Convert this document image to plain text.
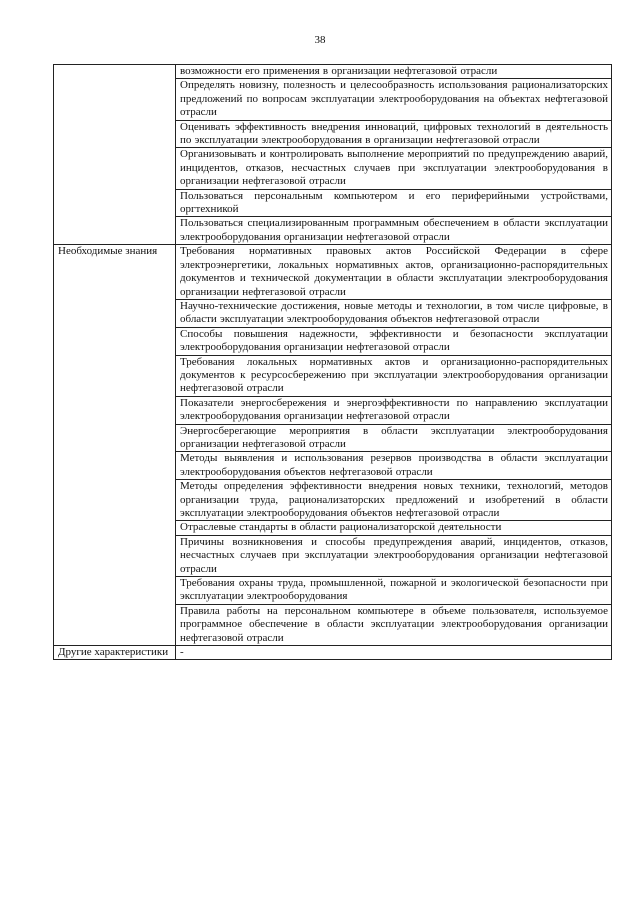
38
	возможности его применения в организации нефтегазовой отрасли
	Определять новизну, полезность и целесообразность использования рационализаторских предложений по вопросам эксплуатации электрооборудования на объектах нефтегазовой отрасли
	Оценивать эффективность внедрения инноваций, цифровых технологий в деятельность по эксплуатации электрооборудования в организации нефтегазовой отрасли
	Организовывать и контролировать выполнение мероприятий по предупреждению аварий, инцидентов, отказов, несчастных случаев при эксплуатации электрооборудования в организации нефтегазовой отрасли
	Пользоваться персональным компьютером и его периферийными устройствами, оргтехникой
	Пользоваться специализированным программным обеспечением в области эксплуатации электрооборудования организации нефтегазовой отрасли
Необходимые знания	Требования нормативных правовых актов Российской Федерации в сфере электроэнергетики, локальных нормативных актов, организационно-распорядительных документов и технической документации в области эксплуатации электрооборудования организации нефтегазовой отрасли
	Научно-технические достижения, новые методы и технологии, в том числе цифровые, в области эксплуатации электрооборудования объектов нефтегазовой отрасли
	Способы повышения надежности, эффективности и безопасности эксплуатации электрооборудования организации нефтегазовой отрасли
	Требования локальных нормативных актов и организационно-распорядительных документов к ресурсосбережению при эксплуатации электрооборудования организации нефтегазовой отрасли
	Показатели энергосбережения и энергоэффективности по направлению эксплуатации электрооборудования организации нефтегазовой отрасли
	Энергосберегающие мероприятия в области эксплуатации электрооборудования организации нефтегазовой отрасли
	Методы выявления и использования резервов производства в области эксплуатации электрооборудования объектов нефтегазовой отрасли
	Методы определения эффективности внедрения новых техники, технологий, методов организации труда, рационализаторских предложений и изобретений в области эксплуатации электрооборудования объектов нефтегазовой отрасли
	Отраслевые стандарты в области рационализаторской деятельности
	Причины возникновения и способы предупреждения аварий, инцидентов, отказов, несчастных случаев при эксплуатации электрооборудования организации нефтегазовой отрасли
	Требования охраны труда, промышленной, пожарной и экологической безопасности при эксплуатации электрооборудования
	Правила работы на персональном компьютере в объеме пользователя, используемое программное обеспечение в области эксплуатации электрооборудования организации нефтегазовой отрасли
Другие характеристики	-
